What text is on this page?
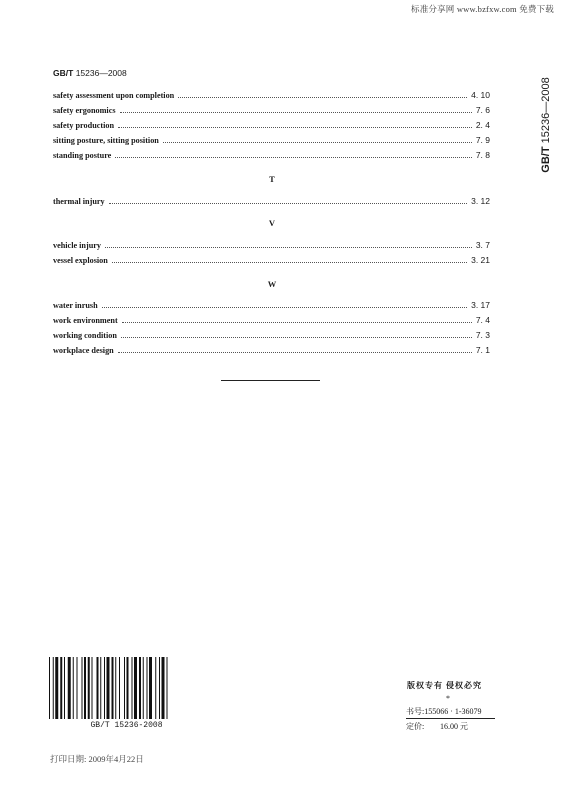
标准分享网 www.bzfxw.com 免费下载
GB/T 15236—2008
GB/T 15236—2008
safety assessment upon completion	4. 10
safety ergonomics	7. 6
safety production	2. 4
sitting posture, sitting position	7. 9
standing posture	7. 8
T
thermal injury	3. 12
V
vehicle injury	3. 7
vessel explosion	3. 21
W
water inrush	3. 17
work environment	7. 4
working condition	7. 3
workplace design	7. 1
GB/T 15236-2008
版权专有 侵权必究
*
书号:155066 · 1-36079
定价:	16.00 元
打印日期: 2009年4月22日
